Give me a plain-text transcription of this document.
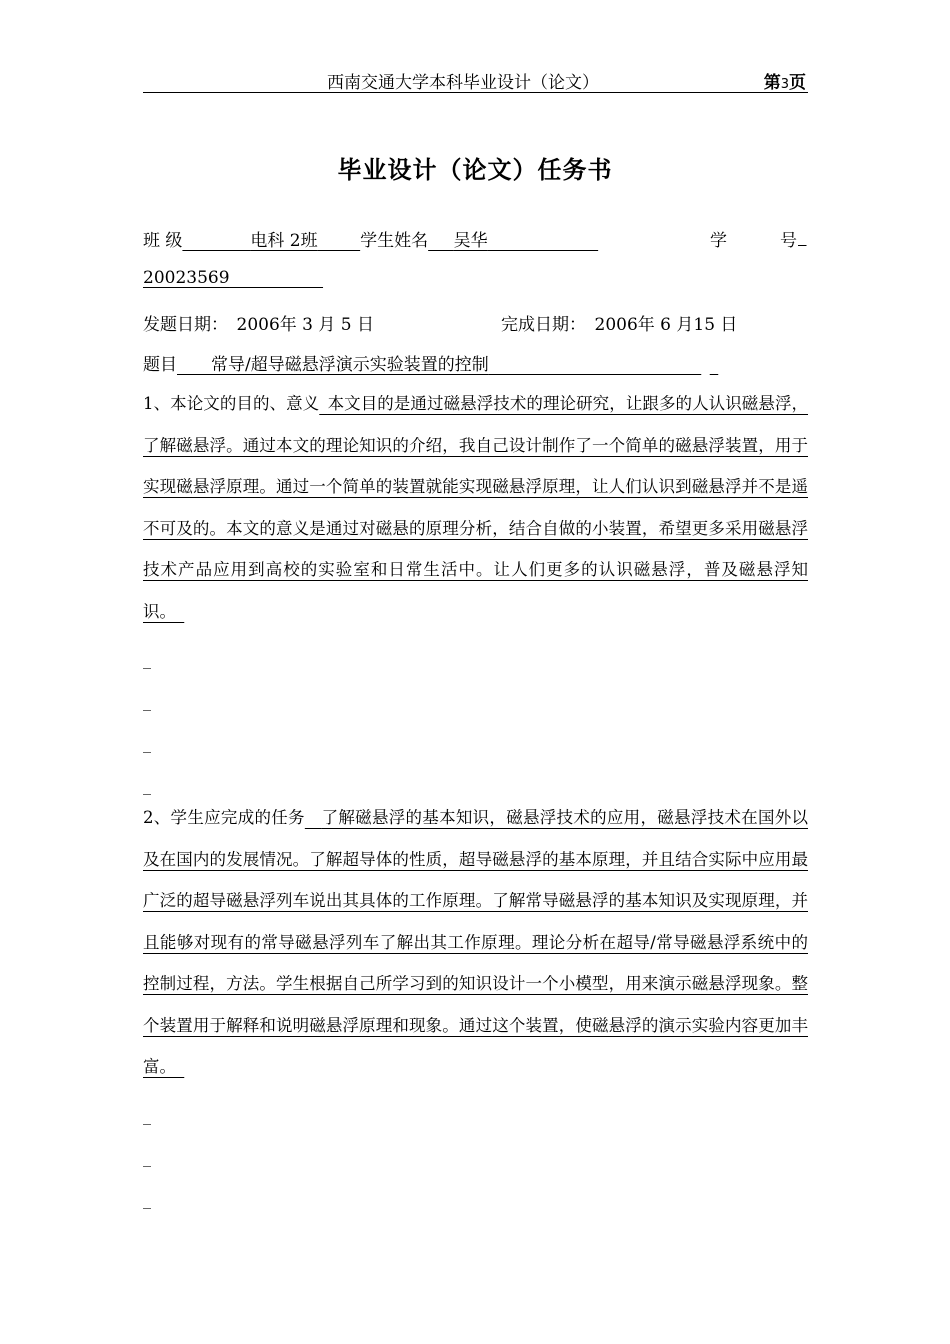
西南交通大学本科毕业设计（论文）	第3页
毕业设计（论文）任务书
班 级    	电科 2班   	学生姓名   吴华       	学	号

20023569      
发题日期：  2006年 3 月 5 日	完成日期：  2006年 6 月15 日
题目   常导/超导磁悬浮演示实验装置的控制               
1、本论文的目的、意义  本文目的是通过磁悬浮技术的理论研究，让跟多的人认识磁悬浮，了解磁悬浮。通过本文的理论知识的介绍，我自己设计制作了一个简单的磁悬浮装置，用于实现磁悬浮原理。通过一个简单的装置就能实现磁悬浮原理，让人们认识到磁悬浮并不是遥不可及的。本文的意义是通过对磁悬的原理分析，结合自做的小装置，希望更多采用磁悬浮技术产品应用到高校的实验室和日常生活中。让人们更多的认识磁悬浮，普及磁悬浮知识。 
_
_
_
_
2、学生应完成的任务   了解磁悬浮的基本知识，磁悬浮技术的应用，磁悬浮技术在国外以及在国内的发展情况。了解超导体的性质，超导磁悬浮的基本原理，并且结合实际中应用最广泛的超导磁悬浮列车说出其具体的工作原理。了解常导磁悬浮的基本知识及实现原理，并且能够对现有的常导磁悬浮列车了解出其工作原理。理论分析在超导/常导磁悬浮系统中的控制过程，方法。学生根据自己所学习到的知识设计一个小模型，用来演示磁悬浮现象。整个装置用于解释和说明磁悬浮原理和现象。通过这个装置，使磁悬浮的演示实验内容更加丰富。 
_
_
_
